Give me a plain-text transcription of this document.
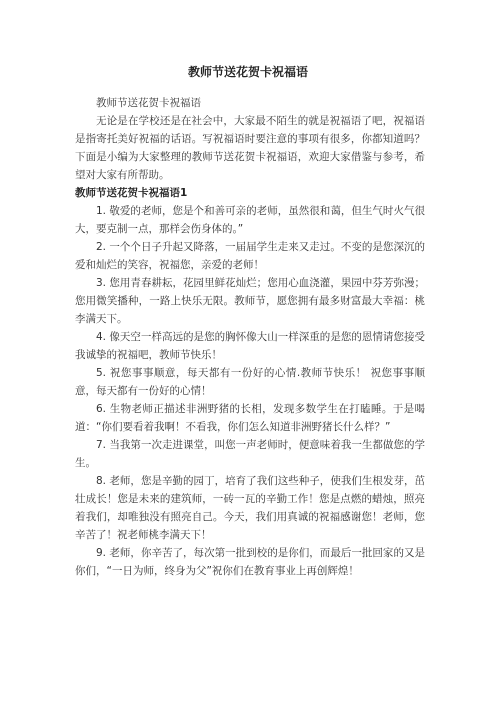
教师节送花贺卡祝福语

教师节送花贺卡祝福语

无论是在学校还是在社会中，大家最不陌生的就是祝福语了吧，祝福语是指寄托美好祝福的话语。写祝福语时要注意的事项有很多，你都知道吗？下面是小编为大家整理的教师节送花贺卡祝福语，欢迎大家借鉴与参考，希望对大家有所帮助。

教师节送花贺卡祝福语1

1. 敬爱的老师，您是个和善可亲的老师，虽然很和蔼，但生气时火气很大，要克制一点，那样会伤身体的。”

2. 一个个日子升起又降落，一届届学生走来又走过。不变的是您深沉的爱和灿烂的笑容，祝福您，亲爱的老师！

3. 您用青春耕耘，花园里鲜花灿烂；您用心血浇灌，果园中芬芳弥漫；您用微笑播种，一路上快乐无限。教师节，愿您拥有最多财富最大幸福：桃李满天下。

4. 像天空一样高远的是您的胸怀像大山一样深重的是您的恩情请您接受我诚挚的祝福吧，教师节快乐！

5. 祝您事事顺意，每天都有一份好的心情.教师节快乐！ 祝您事事顺意，每天都有一份好的心情！

6. 生物老师正描述非洲野猪的长相，发现多数学生在打瞌睡。于是喝道：“你们要看着我啊！不看我，你们怎么知道非洲野猪长什么样？”

7. 当我第一次走进课堂，叫您一声老师时，便意味着我一生都做您的学生。

8. 老师，您是辛勤的园丁，培育了我们这些种子，使我们生根发芽，茁壮成长！您是未来的建筑师，一砖一瓦的辛勤工作！您是点燃的蜡烛，照亮着我们，却唯独没有照亮自己。今天，我们用真诚的祝福感谢您！老师，您辛苦了！祝老师桃李满天下！

9. 老师，你辛苦了，每次第一批到校的是你们，而最后一批回家的又是你们，“一日为师，终身为父”祝你们在教育事业上再创辉煌！
